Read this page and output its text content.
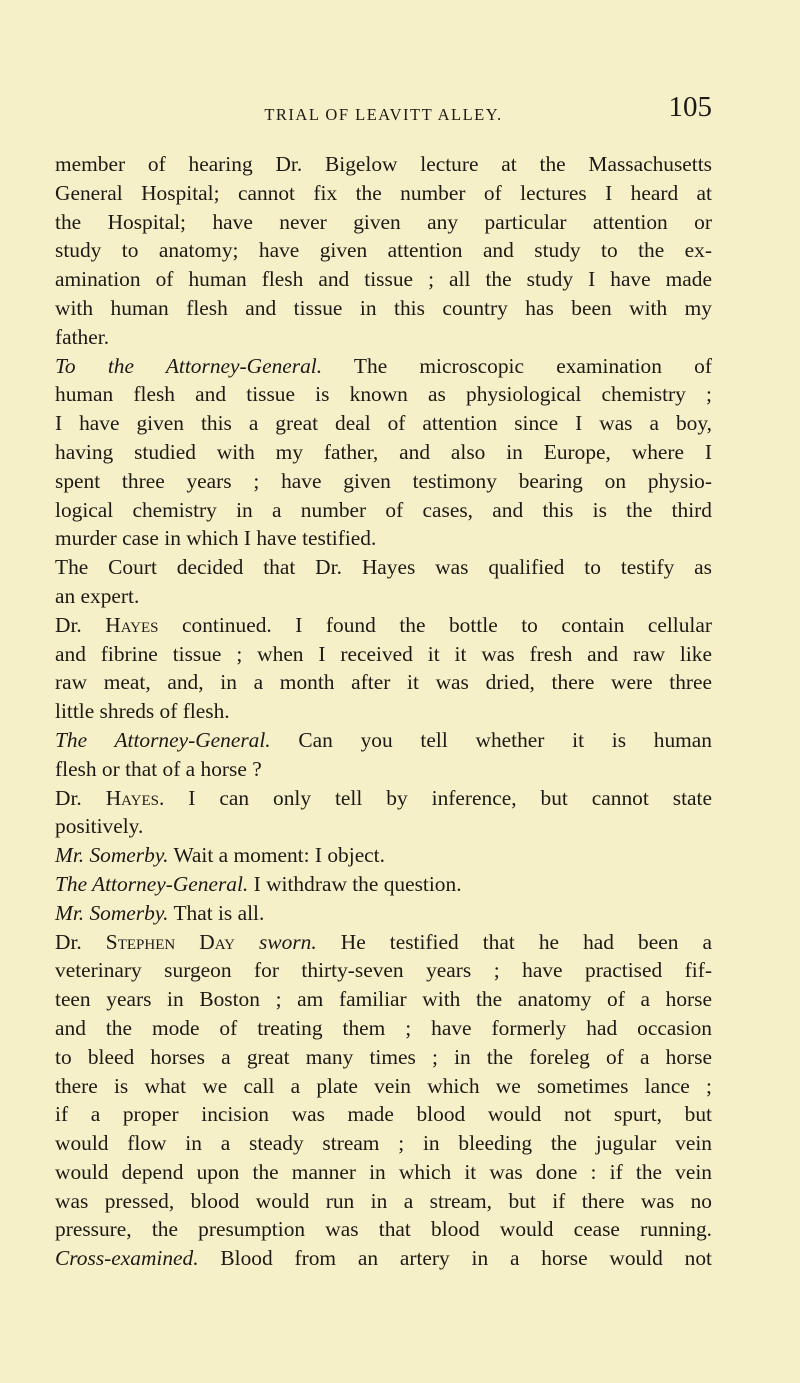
TRIAL OF LEAVITT ALLEY.	105
member of hearing Dr. Bigelow lecture at the Massachusetts
General Hospital; cannot fix the number of lectures I heard at
the Hospital; have never given any particular attention or
study to anatomy; have given attention and study to the ex-
amination of human flesh and tissue ; all the study I have made
with human flesh and tissue in this country has been with my
father.
To the Attorney-General. The microscopic examination of
human flesh and tissue is known as physiological chemistry ;
I have given this a great deal of attention since I was a boy,
having studied with my father, and also in Europe, where I
spent three years ; have given testimony bearing on physio-
logical chemistry in a number of cases, and this is the third
murder case in which I have testified.
The Court decided that Dr. Hayes was qualified to testify as
an expert.
Dr. Hayes continued. I found the bottle to contain cellular
and fibrine tissue ; when I received it it was fresh and raw like
raw meat, and, in a month after it was dried, there were three
little shreds of flesh.
The Attorney-General. Can you tell whether it is human
flesh or that of a horse ?
Dr. Hayes. I can only tell by inference, but cannot state
positively.
Mr. Somerby. Wait a moment: I object.
The Attorney-General. I withdraw the question.
Mr. Somerby. That is all.
Dr. Stephen Day sworn. He testified that he had been a
veterinary surgeon for thirty-seven years ; have practised fif-
teen years in Boston ; am familiar with the anatomy of a horse
and the mode of treating them ; have formerly had occasion
to bleed horses a great many times ; in the foreleg of a horse
there is what we call a plate vein which we sometimes lance ;
if a proper incision was made blood would not spurt, but
would flow in a steady stream ; in bleeding the jugular vein
would depend upon the manner in which it was done : if the vein
was pressed, blood would run in a stream, but if there was no
pressure, the presumption was that blood would cease running.
Cross-examined. Blood from an artery in a horse would not
